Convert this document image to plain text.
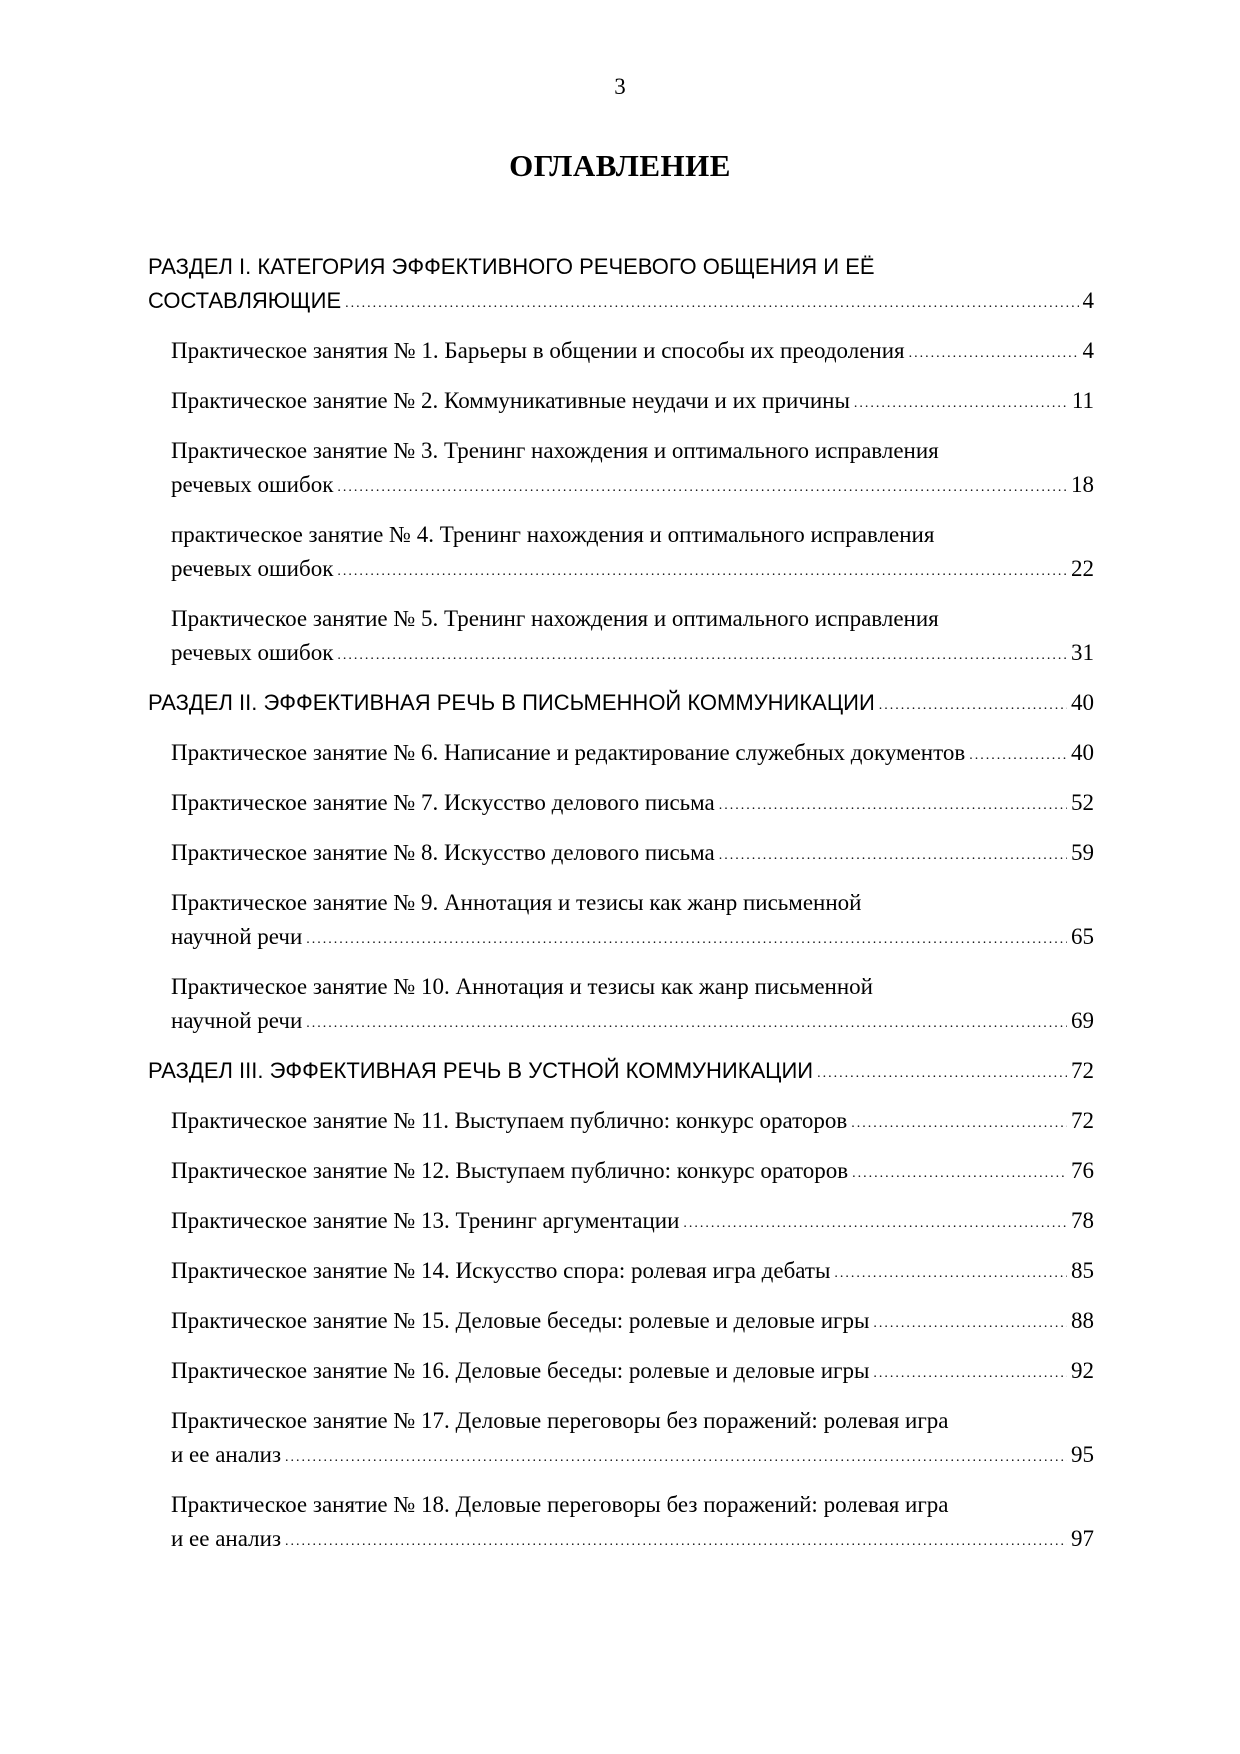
3
ОГЛАВЛЕНИЕ
РАЗДЕЛ I. КАТЕГОРИЯ ЭФФЕКТИВНОГО РЕЧЕВОГО ОБЩЕНИЯ И ЕЁ
СОСТАВЛЯЮЩИЕ .....	4
Практическое занятия № 1. Барьеры в общении и способы их преодоления .....	4
Практическое занятие № 2. Коммуникативные неудачи и их причины .....	11
Практическое занятие № 3. Тренинг нахождения и оптимального исправления
речевых ошибок .....	18
практическое занятие № 4. Тренинг нахождения и оптимального исправления
речевых ошибок .....	22
Практическое занятие № 5. Тренинг нахождения и оптимального исправления
речевых ошибок .....	31
РАЗДЕЛ II. ЭФФЕКТИВНАЯ РЕЧЬ В ПИСЬМЕННОЙ КОММУНИКАЦИИ .....	40
Практическое занятие № 6. Написание и редактирование служебных документов .....	40
Практическое занятие № 7. Искусство делового письма .....	52
Практическое занятие № 8. Искусство делового письма .....	59
Практическое занятие № 9. Аннотация и тезисы как жанр письменной
научной речи .....	65
Практическое занятие № 10. Аннотация и тезисы как жанр письменной
научной речи .....	69
РАЗДЕЛ III. ЭФФЕКТИВНАЯ РЕЧЬ В УСТНОЙ КОММУНИКАЦИИ .....	72
Практическое занятие № 11. Выступаем публично: конкурс ораторов .....	72
Практическое занятие № 12. Выступаем публично: конкурс ораторов .....	76
Практическое занятие № 13. Тренинг аргументации .....	78
Практическое занятие № 14. Искусство спора: ролевая игра дебаты .....	85
Практическое занятие № 15. Деловые беседы: ролевые и деловые игры .....	88
Практическое занятие № 16. Деловые беседы: ролевые и деловые игры .....	92
Практическое занятие № 17. Деловые переговоры без поражений: ролевая игра
и ее анализ .....	95
Практическое занятие № 18. Деловые переговоры без поражений: ролевая игра
и ее анализ .....	97
